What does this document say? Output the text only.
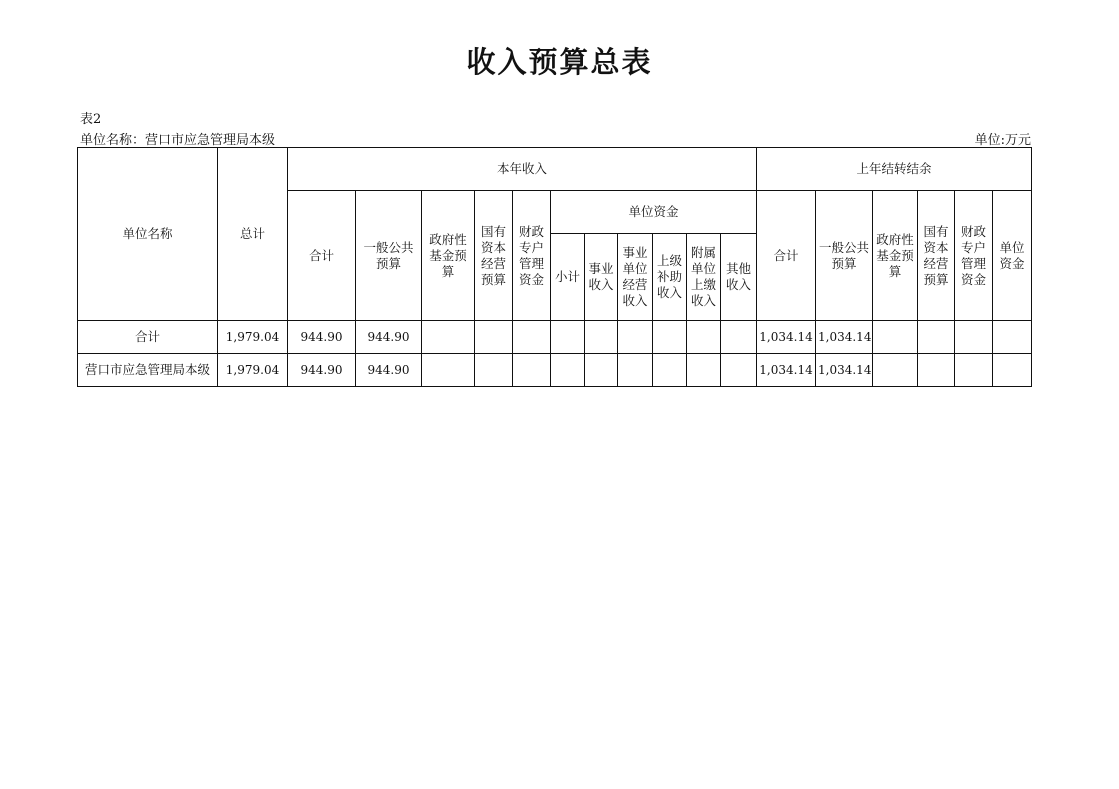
收入预算总表
表2
单位名称：营口市应急管理局本级	单位:万元
单位名称	总计	本年收入											上年结转结余					
		合计	一般公共预算	政府性基金预算	国有资本经营预算	财政专户管理资金	单位资金						合计	一般公共预算	政府性基金预算	国有资本经营预算	财政专户管理资金	单位资金
							小计	事业收入	事业单位经营收入	上级补助收入	附属单位上缴收入	其他收入						
合计	1,979.04	944.90	944.90										1,034.14	1,034.14				
营口市应急管理局本级	1,979.04	944.90	944.90										1,034.14	1,034.14				
